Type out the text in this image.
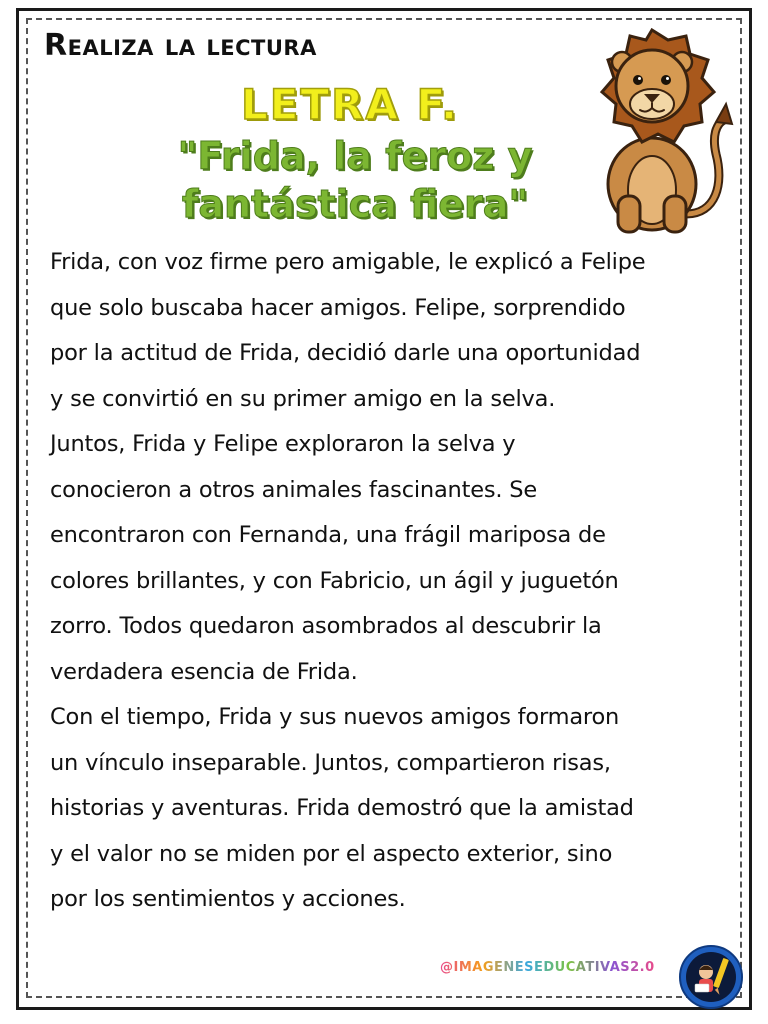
Realiza la lectura
LETRA F.
"Frida, la feroz y
fantástica fiera"
Frida, con voz firme pero amigable, le explicó a Felipe
que solo buscaba hacer amigos. Felipe, sorprendido
por la actitud de Frida, decidió darle una oportunidad
y se convirtió en su primer amigo en la selva.
Juntos, Frida y Felipe exploraron la selva y
conocieron a otros animales fascinantes. Se
encontraron con Fernanda, una frágil mariposa de
colores brillantes, y con Fabricio, un ágil y juguetón
zorro. Todos quedaron asombrados al descubrir la
verdadera esencia de Frida.
Con el tiempo, Frida y sus nuevos amigos formaron
un vínculo inseparable. Juntos, compartieron risas,
historias y aventuras. Frida demostró que la amistad
y el valor no se miden por el aspecto exterior, sino
por los sentimientos y acciones.
@IMAGENESEDUCATIVAS2.0
